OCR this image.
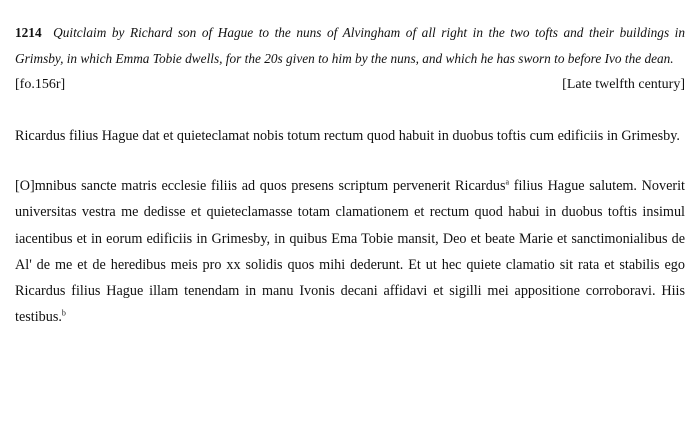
1214 Quitclaim by Richard son of Hague to the nuns of Alvingham of all right in the two tofts and their buildings in Grimsby, in which Emma Tobie dwells, for the 20s given to him by the nuns, and which he has sworn to before Ivo the dean.
[Late twelfth century]
[fo.156r]

Ricardus filius Hague dat et quieteclamat nobis totum rectum quod habuit in duobus toftis cum edificiis in Grimesby.

[O]mnibus sancte matris ecclesie filiis ad quos presens scriptum pervenerit Ricardus$^a$ filius Hague salutem. Noverit universitas vestra me dedisse et quieteclamasse totam clamationem et rectum quod habui in duobus toftis insimul iacentibus et in eorum edificiis in Grimesby, in quibus Ema Tobie mansit, Deo et beate Marie et sanctimonialibus de Al' de me et de heredibus meis pro xx solidis quos mihi dederunt. Et ut hec quiete clamatio sit rata et stabilis ego Ricardus filius Hague illam tenendam in manu Ivonis decani affidavi et sigilli mei appositione corroboravi. Hiis testibus.$^b$
